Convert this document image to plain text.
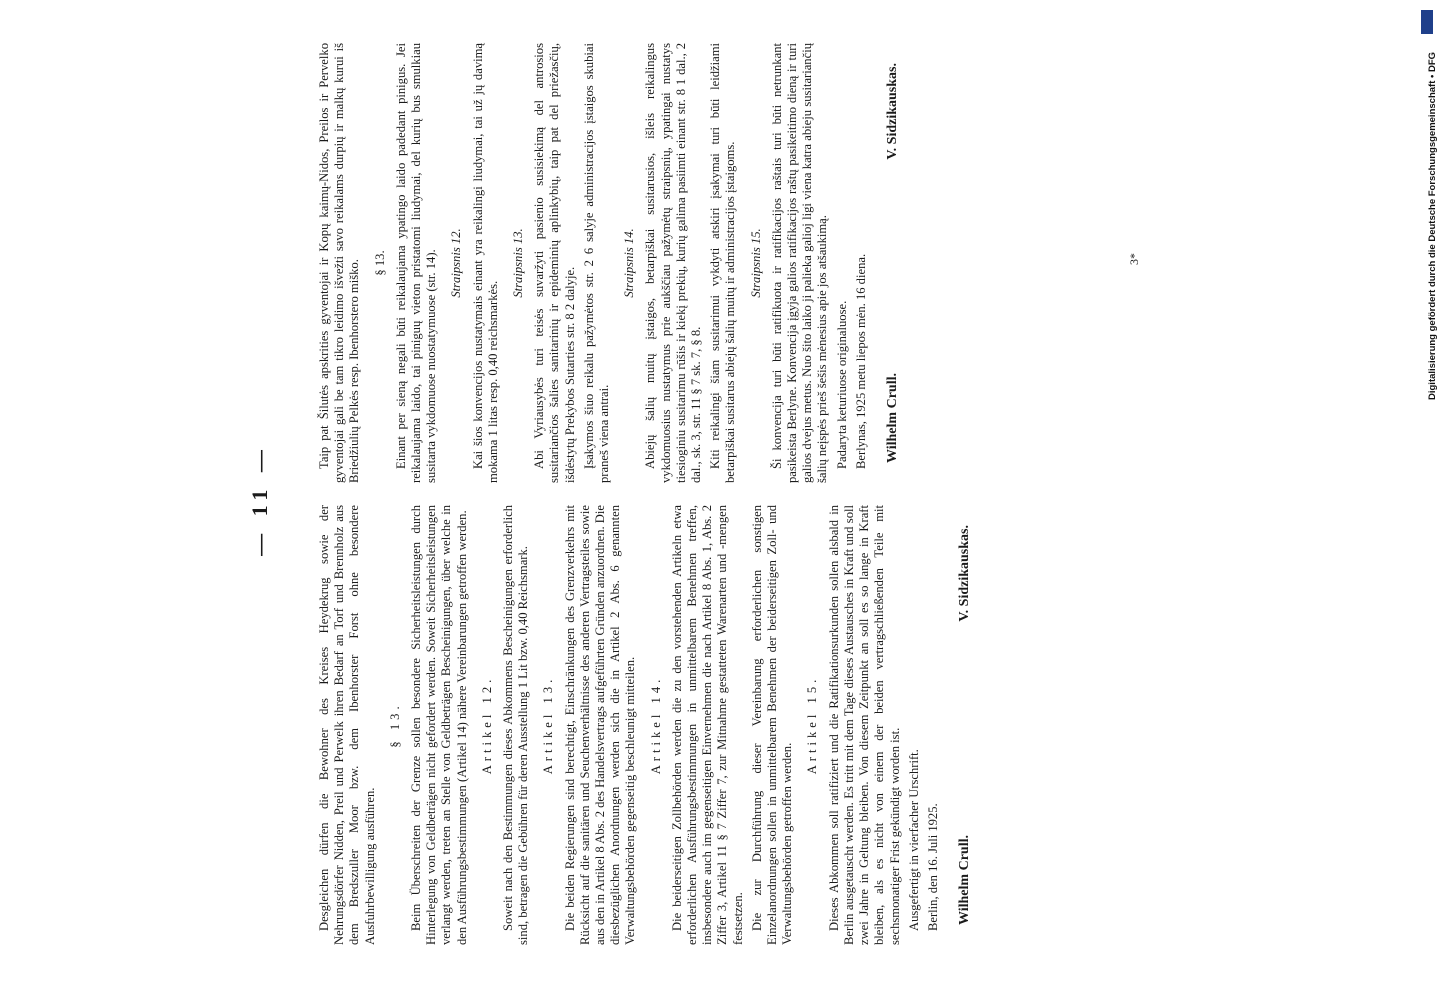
— 11 —

Desgleichen dürfen die Bewohner des Kreises Heydekrug sowie der Nehrungsdörfer Nidden, Preil und Perwelk ihren Bedarf an Torf und Brennholz aus dem Bredszuller Moor bzw. dem Ibenhorster Forst ohne besondere Ausfuhrbewilligung ausführen.

§ 13. Beim Überschreiten der Grenze sollen besondere Sicherheitsleistungen durch Hinterlegung von Geldbeträgen nicht gefordert werden. Soweit Sicherheitsleistungen verlangt werden, treten an Stelle von Geldbeträgen Bescheinigungen, über welche in den Ausführungsbestimmungen (Artikel 14) nähere Vereinbarungen getroffen werden. Artikel 12. Soweit nach den Bestimmungen dieses Abkommens Bescheinigungen erforderlich sind, betragen die Gebühren für deren Ausstellung 1 Lit bzw. 0,40 Reichsmark. Artikel 13. Die beiden Regierungen sind berechtigt, Einschränkungen des Grenzverkehrs mit Rücksicht auf die sanitären und Seuchenverhältnisse des anderen Vertragsteiles sowie aus den in Artikel 8 Abs. 2 des Handelsvertrags aufgeführten Gründen anzuordnen. Die diesbezüglichen Anordnungen werden sich die in Artikel 2 Abs. 6 genannten Verwaltungsbehörden gegenseitig beschleunigt mitteilen. Artikel 14. Die beiderseitigen Zollbehörden werden die zu den vorstehenden Artikeln etwa erforderlichen Ausführungsbestimmungen in unmittelbarem Benehmen treffen, insbesondere auch im gegenseitigen Einvernehmen die nach Artikel 8 Abs. 1, Abs. 2 Ziffer 3, Artikel 11 § 7 Ziffer 7, zur Mitnahme gestatteten Warenarten und -mengen festsetzen. Die zur Durchführung dieser Vereinbarung erforderlichen sonstigen Einzelanordnungen sollen in unmittelbarem Benehmen der beiderseitigen Zoll- und Verwaltungsbehörden getroffen werden.

Artikel 15. Dieses Abkommen soll ratifiziert und die Ratifikationsurkunden sollen alsbald in Berlin ausgetauscht werden. Es tritt mit dem Tage dieses Austausches in Kraft und soll zwei Jahre in Geltung bleiben. Von diesem Zeitpunkt an soll es so lange in Kraft bleiben, als es nicht von einem der beiden vertragschließenden Teile mit sechsmonatiger Frist gekündigt worden ist. Ausgefertigt in vierfacher Urschrift. Berlin, den 16. Juli 1925. Wilhelm Crull.
V. Sidzikauskas.

Taip pat Šilutės apskrities gyventojai ir Kopų kaimų-Nidos, Preilos ir Pervelko gyventojai gali be tam tikro leidimo išvežti savo reikalams durpių ir malkų kurui iš Briedžiulių Pelkės resp. Ibenhorstero miško. § 13. Einant per sieną negali būti reikalaujama ypatingo laido padedant pinigus. Jei reikalaujama laido, tai piniguų vieton pristatomi liudymai, del kurių bus smulkiau susitarta vykdomuose nuostatymuose (str. 14). Straipsnis 12. Kai šios konvencijos nustatymais einant yra reikalingi liudymai, tai už jų davimą mokama 1 litas resp. 0,40 reichsmarkės.

Straipsnis 13. Abi Vyriausybės turi teisės suvaržyti pasienio susisiekimą del antrosios susitariančios šalies sanitarinių ir epideminių aplinkybių, taip pat del priežasčių, išdėstytų Prekybos Sutarties str. 8 2 dalyje. Įsakymos šiuo reikalu pažymėtos str. 2 6 salyje administracijos įstaigos skubiai praneš viena antrai.

Straipsnis 14. Abiejų šalių muitų įstaigos, betarpiškai susitarusios, išleis reikalingus vykdomuosius nustatymus prie aukščiau pažymėtų straipsnių, ypatingai nustatys tiesioginiu susitarimu rūšis ir kiekį prekių, kurių galima pasiimti einant str. 8 1 dal., 2 dal., sk. 3, str. 11 § 7 sk. 7, § 8. Kiti reikalingi šiam susitarimui vykdyti atskiri įsakymai turi būti leidžiami betarpiškai susitarus abiejų šalių muitų ir administracijos įstaigoms. Straipsnis 15. Ši konvencija turi būti ratifikuota ir ratifikacijos raštais turi būti netrunkant pasikeista Berlyne. Konvencija įgyja galios ratifikacijos raštų pasikeitimo dieną ir turi galios dvejus metus. Nuo šito laiko ji palieka galioj ligi viena katra abieju susitariančių šalių neįspės prieš šešis mėnesius apie jos atšaukimą. Padaryta keturiuose originaluose. Berlynas, 1925 metu liepos mėn. 16 diena. Wilhelm Crull.
V. Sidzikauskas.
3*	Digitalisierung gefördert durch die Deutsche Forschungsgemeinschaft • DFG
